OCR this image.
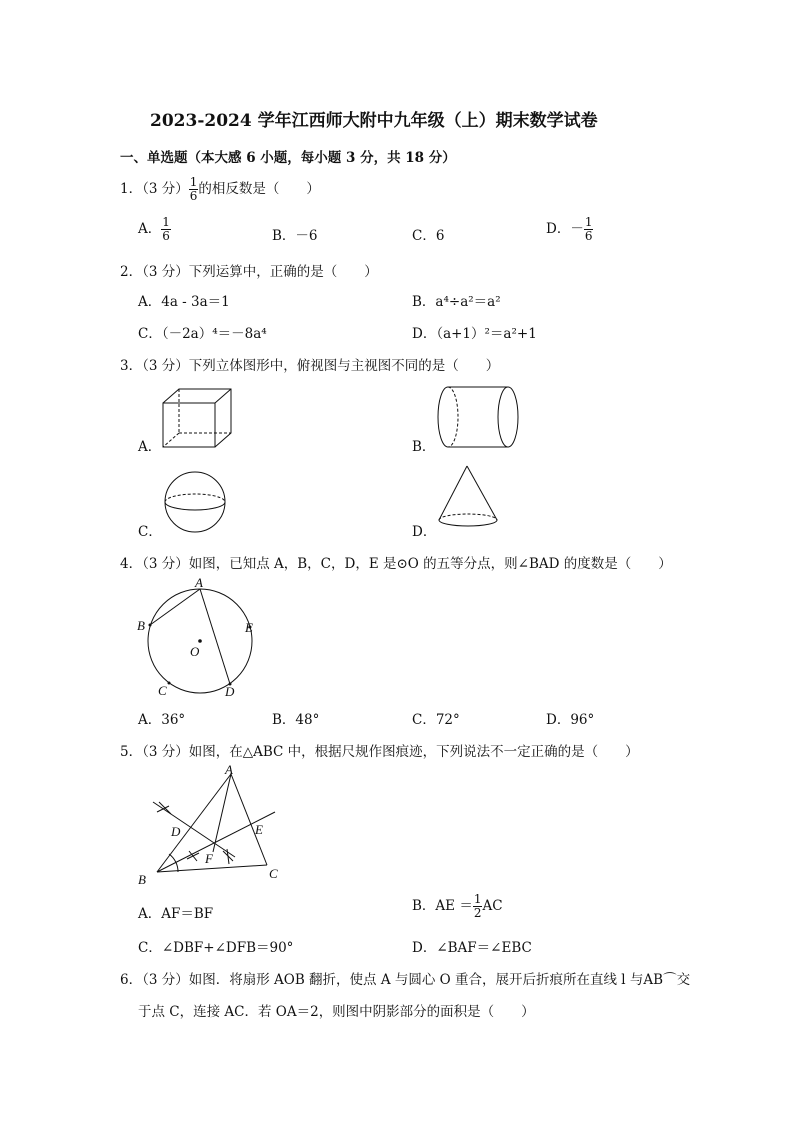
2023-2024 学年江西师大附中九年级（上）期末数学试卷
一、单选题（本大感 6 小题，每小题 3 分，共 18 分）
1．（3 分） $\frac{1}{6}$ 的相反数是（　　）
A． $\frac{1}{6}$	B．－6	C．6	D．－ $\frac{1}{6}$
2．（3 分）下列运算中，正确的是（　　）
A．4a - 3a＝1	B．a⁴÷a²＝a²
C．（－2a）⁴＝－8a⁴	D．（a+1）²＝a²+1
3．（3 分）下列立体图形中，俯视图与主视图不同的是（　　）
A．	B．
C．	D．
4．（3 分）如图，已知点 A，B，C，D，E 是⊙O 的五等分点，则∠BAD 的度数是（　　）
A
B
C	D
E
O
A．36°	B．48°	C．72°	D．96°
5．（3 分）如图，在△ABC 中，根据尺规作图痕迹，下列说法不一定正确的是（　　）
A
B	C
D	E
F
A．AF＝BF	B．AE ＝ $\frac{1}{2}$ AC
C．∠DBF+∠DFB＝90°	D．∠BAF＝∠EBC
6．（3 分）如图．将扇形 AOB 翻折，使点 A 与圆心 O 重合，展开后折痕所在直线 l 与AB⌒交
于点 C，连接 AC．若 OA＝2，则图中阴影部分的面积是（　　）
